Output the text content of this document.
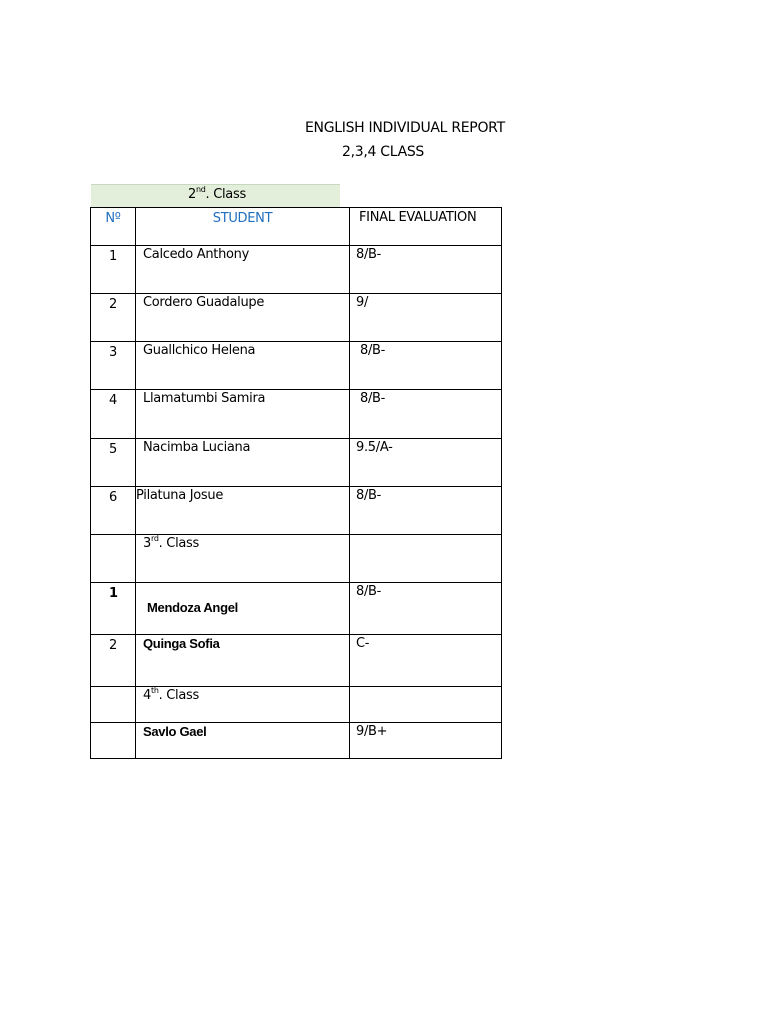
ENGLISH INDIVIDUAL REPORT
2,3,4 CLASS
2nd. Class
Nº	STUDENT	FINAL EVALUATION
1	Calcedo Anthony	8/B-
2	Cordero Guadalupe	9/
3	Guallchico Helena	8/B-
4	Llamatumbi Samira	8/B-
5	Nacimba Luciana	9.5/A-
6	Pilatuna Josue	8/B-
	3rd. Class	
1	Mendoza Angel	8/B-
2	Quinga Sofia	C-
	4th. Class	
	Savlo Gael	9/B+
